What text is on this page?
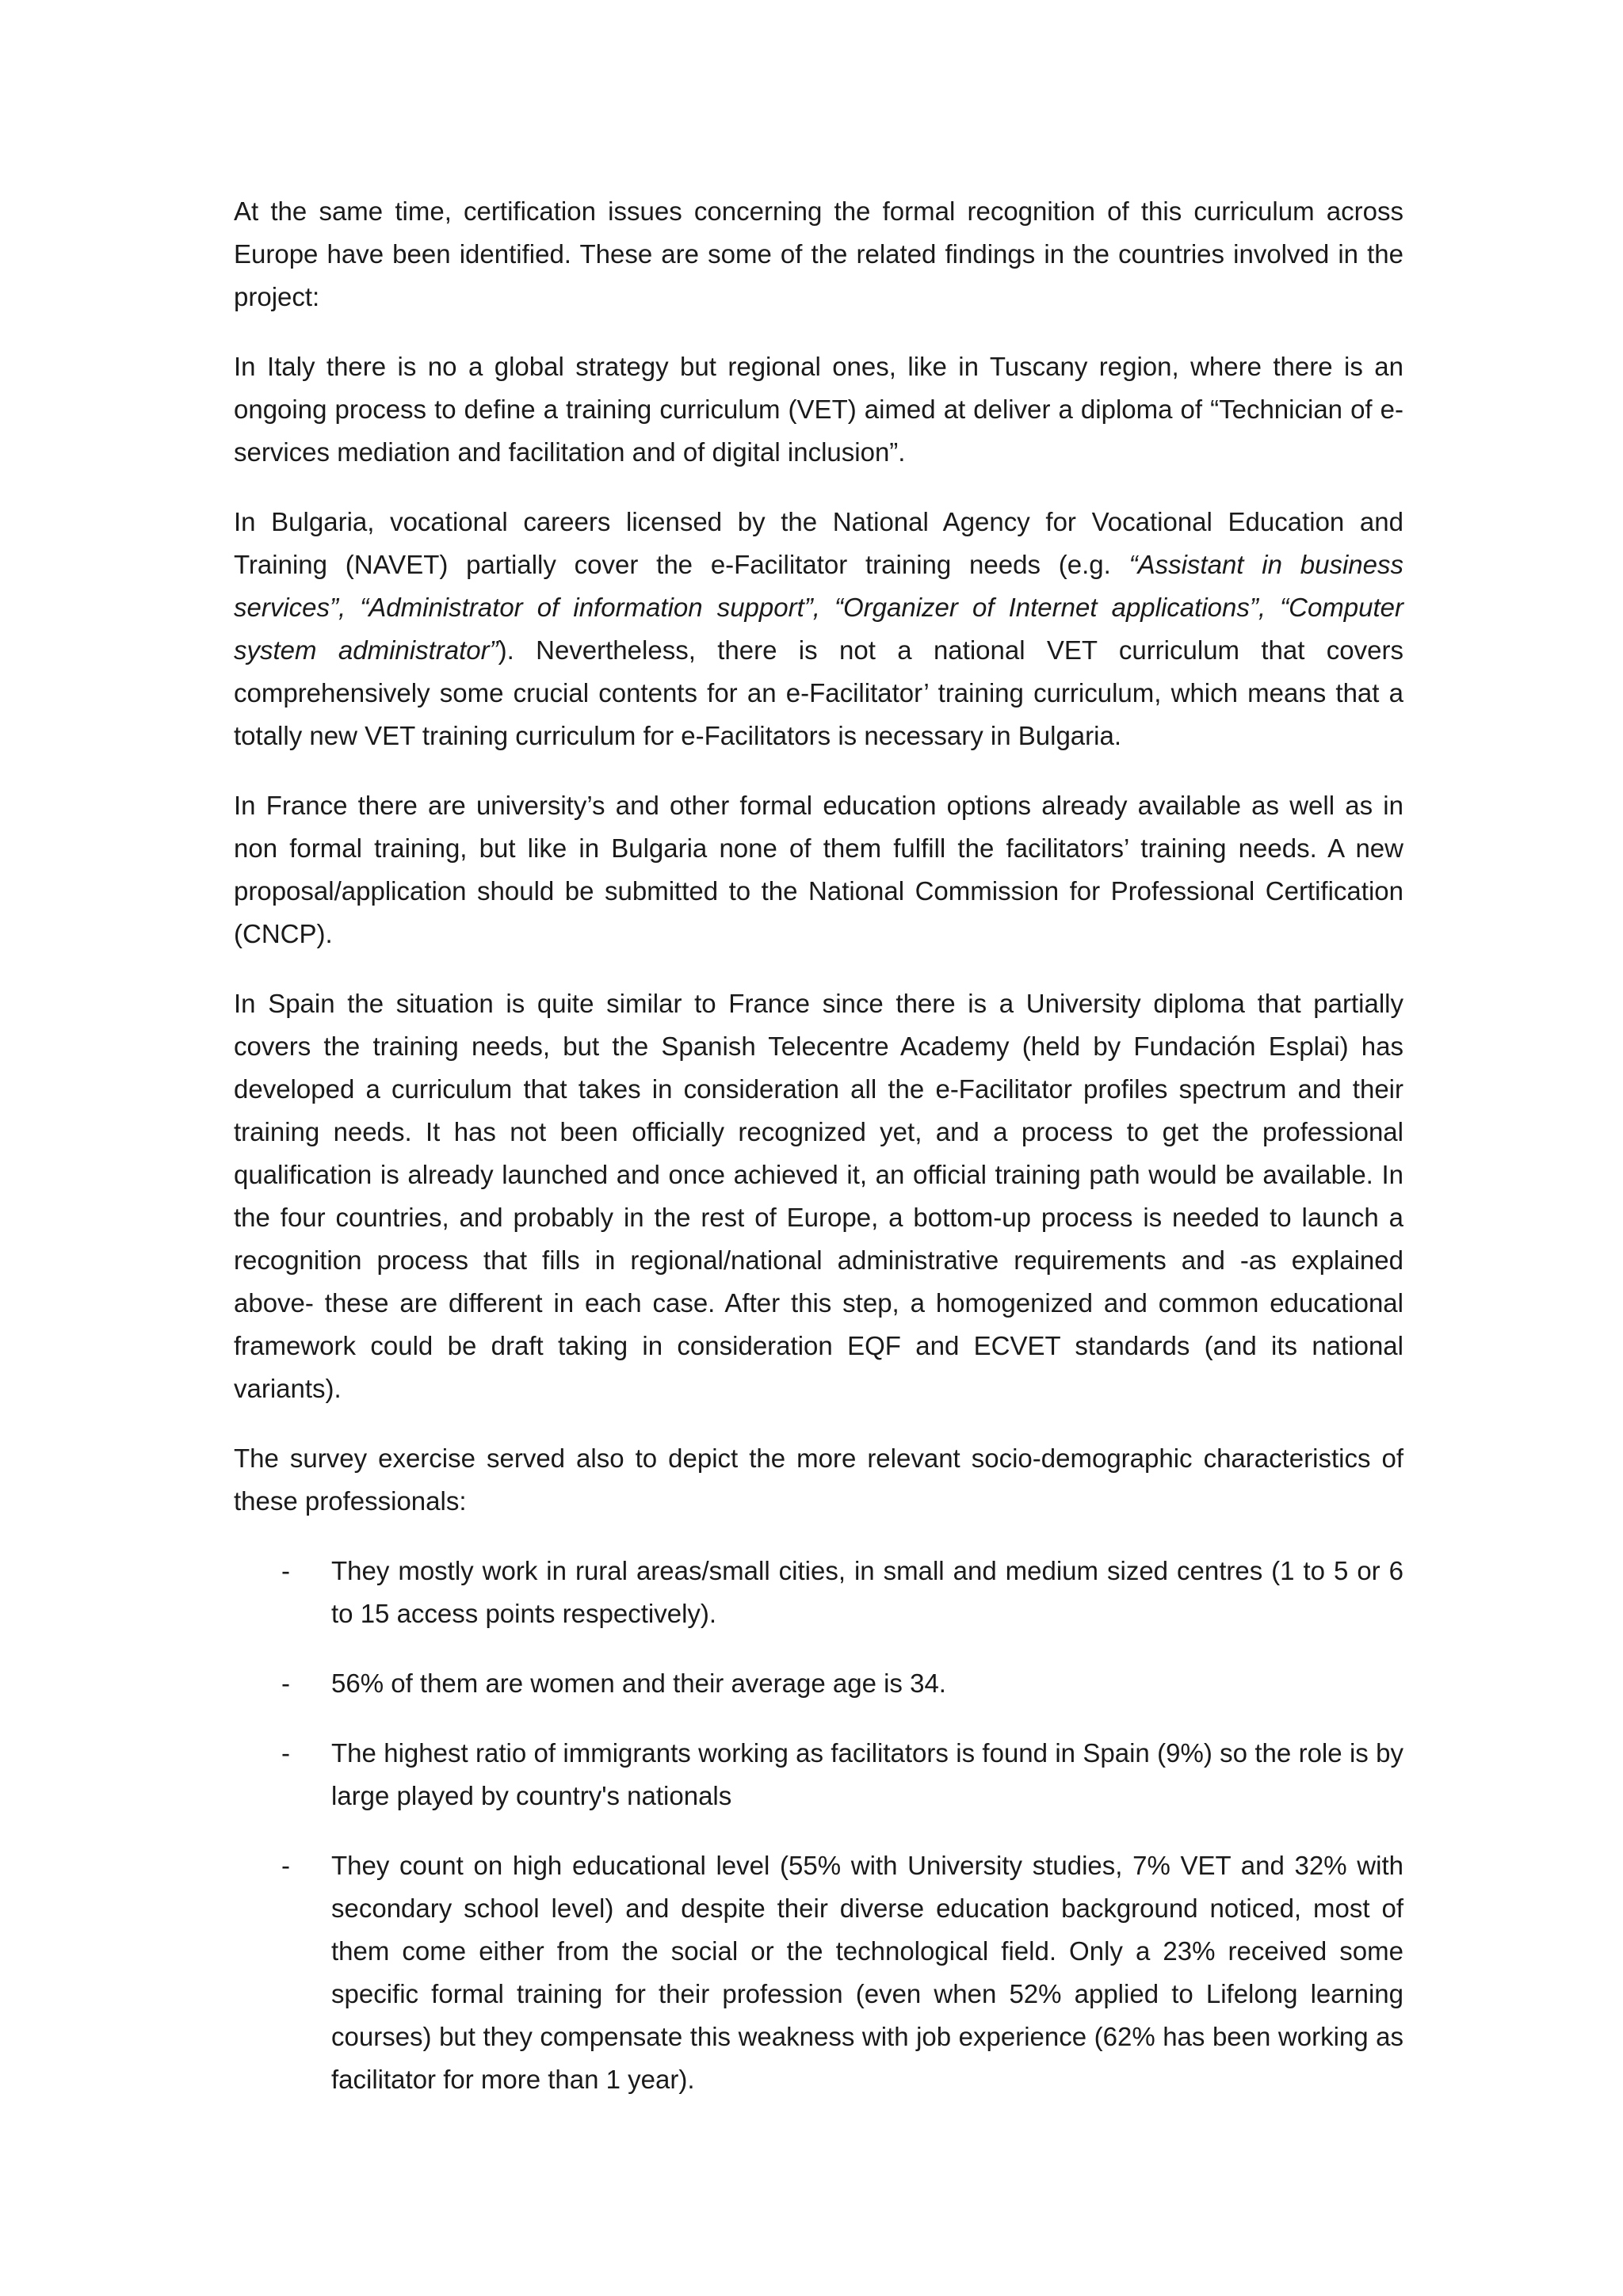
At the same time, certification issues concerning the formal recognition of this curriculum across Europe have been identified. These are some of the related findings in the countries involved in the project:

In Italy there is no a global strategy but regional ones, like in Tuscany region, where there is an ongoing process to define a training curriculum (VET) aimed at deliver a diploma of “Technician of e-services mediation and facilitation and of digital inclusion”.

In Bulgaria, vocational careers licensed by the National Agency for Vocational Education and Training (NAVET) partially cover the e-Facilitator training needs (e.g. “Assistant in business services”, “Administrator of information support”, “Organizer of Internet applications”, “Computer system administrator”). Nevertheless, there is not a national VET curriculum that covers comprehensively some crucial contents for an e-Facilitator’ training curriculum, which means that a totally new VET training curriculum for e-Facilitators is necessary in Bulgaria.

In France there are university’s and other formal education options already available as well as in non formal training, but like in Bulgaria none of them fulfill the facilitators’ training needs. A new proposal/application should be submitted to the National Commission for Professional Certification (CNCP).

In Spain the situation is quite similar to France since there is a University diploma that partially covers the training needs, but the Spanish Telecentre Academy (held by Fundación Esplai) has developed a curriculum that takes in consideration all the e-Facilitator profiles spectrum and their training needs. It has not been officially recognized yet, and a process to get the professional qualification is already launched and once achieved it, an official training path would be available. In the four countries, and probably in the rest of Europe, a bottom-up process is needed to launch a recognition process that fills in regional/national administrative requirements and -as explained above- these are different in each case. After this step, a homogenized and common educational framework could be draft taking in consideration EQF and ECVET standards (and its national variants).

The survey exercise served also to depict the more relevant socio-demographic characteristics of these professionals:

- They mostly work in rural areas/small cities, in small and medium sized centres (1 to 5 or 6 to 15 access points respectively).
- 56% of them are women and their average age is 34.
- The highest ratio of immigrants working as facilitators is found in Spain (9%) so the role is by large played by country's nationals
- They count on high educational level (55% with University studies, 7% VET and 32% with secondary school level) and despite their diverse education background noticed, most of them come either from the social or the technological field. Only a 23% received some specific formal training for their profession (even when 52% applied to Lifelong learning courses) but they compensate this weakness with job experience (62% has been working as facilitator for more than 1 year).
